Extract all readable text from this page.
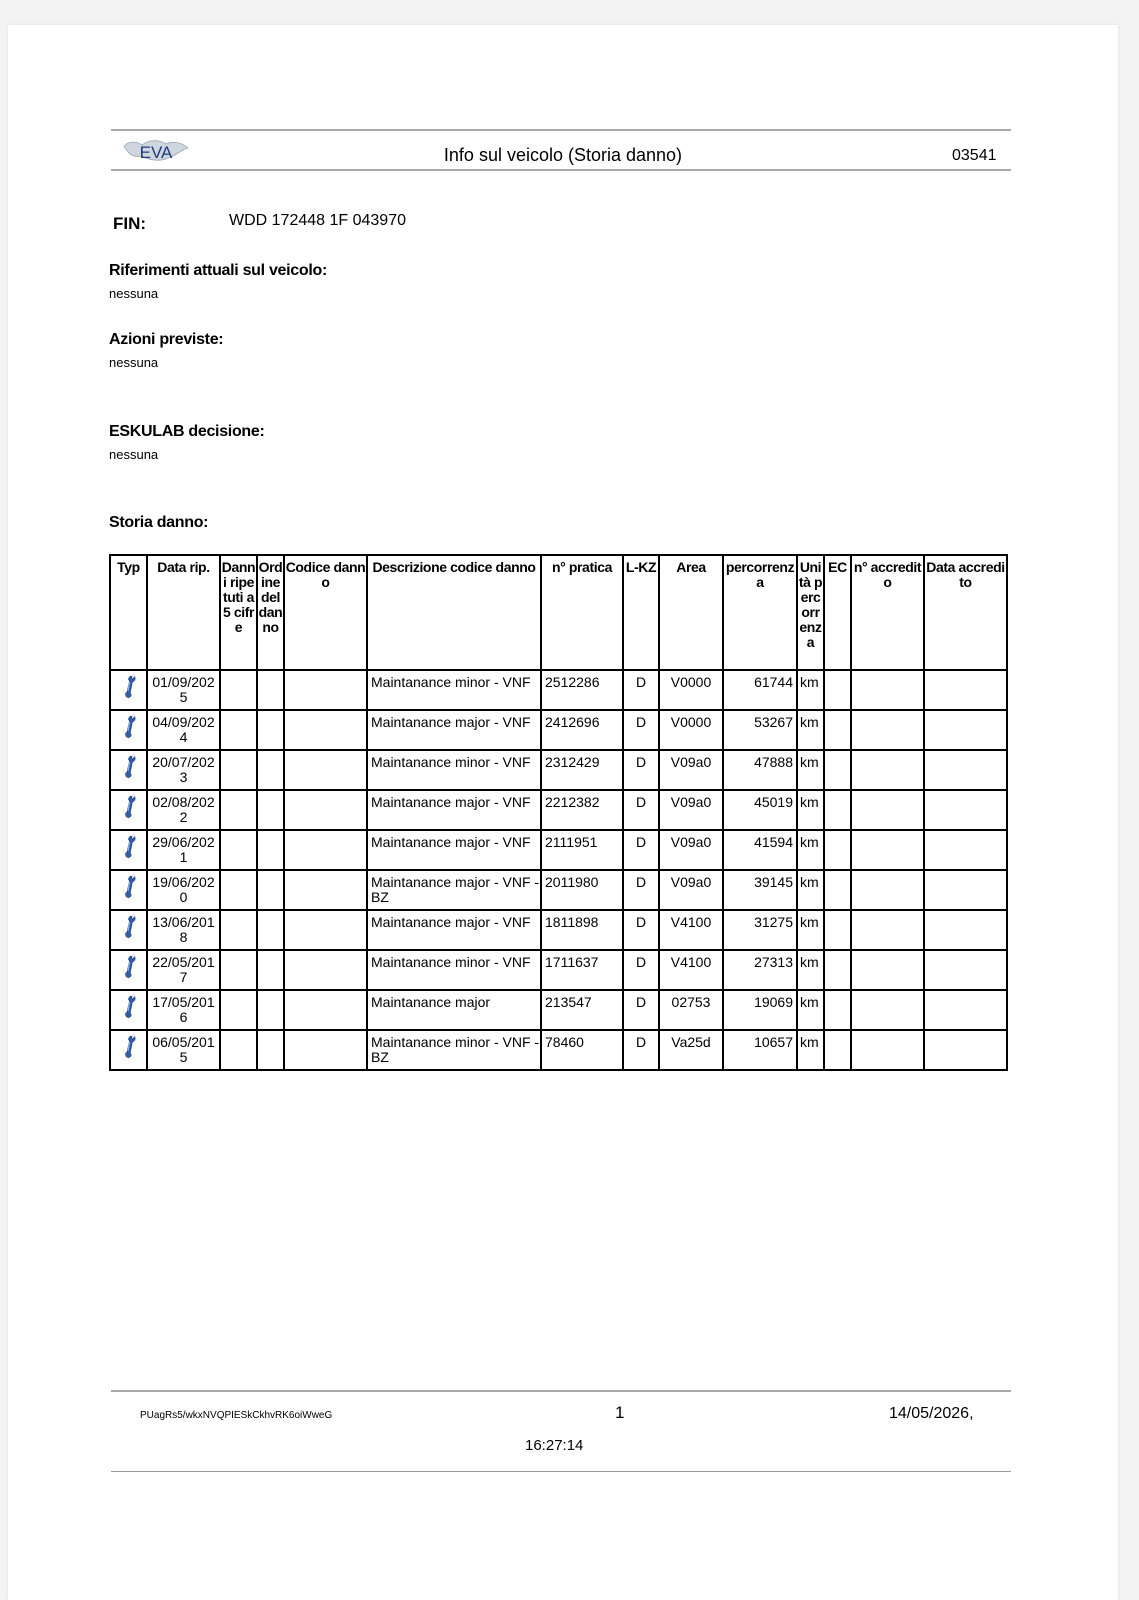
EVA	Info sul veicolo (Storia danno)	03541
FIN:	WDD 172448 1F 043970
Riferimenti attuali sul veicolo:
nessuna
Azioni previste:
nessuna
ESKULAB decisione:
nessuna
Storia danno:
Typ	Data rip.	Danni ripetuti a 5 cifre	Ordine del danno	Codice danno	Descrizione codice danno	n° pratica	L-KZ	Area	percorrenza	Unità percorrenza	EC	n° accredito	Data accredito
	01/09/2025				Maintanance minor - VNF	2512286	D	V0000	61744	km			
	04/09/2024				Maintanance major - VNF	2412696	D	V0000	53267	km			
	20/07/2023				Maintanance minor - VNF	2312429	D	V09a0	47888	km			
	02/08/2022				Maintanance major - VNF	2212382	D	V09a0	45019	km			
	29/06/2021				Maintanance major - VNF	2111951	D	V09a0	41594	km			
	19/06/2020				Maintanance major - VNF - BZ	2011980	D	V09a0	39145	km			
	13/06/2018				Maintanance major - VNF	1811898	D	V4100	31275	km			
	22/05/2017				Maintanance minor - VNF	1711637	D	V4100	27313	km			
	17/05/2016				Maintanance major	213547	D	02753	19069	km			
	06/05/2015				Maintanance minor - VNF - BZ	78460	D	Va25d	10657	km			
PUagRs5/wkxNVQPIESkCkhvRK6oiWweG	1	14/05/2026,
16:27:14
